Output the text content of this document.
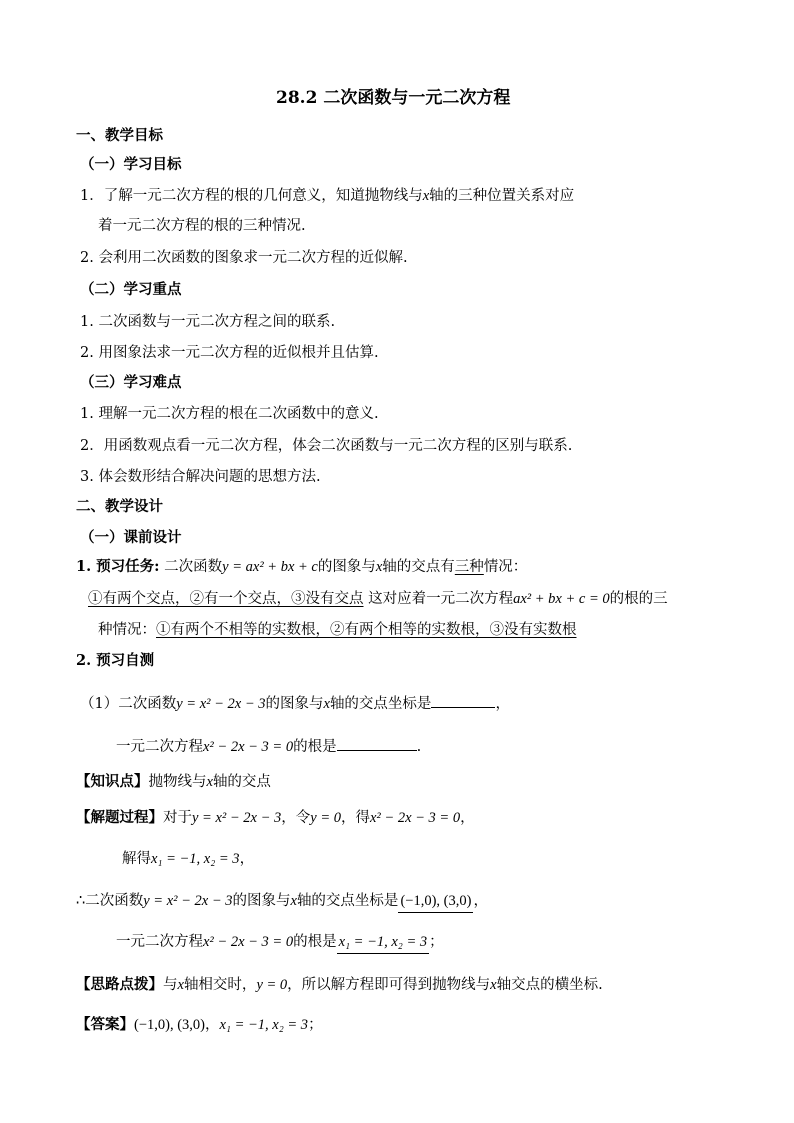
28.2 二次函数与一元二次方程
一、教学目标
（一）学习目标
1．了解一元二次方程的根的几何意义，知道抛物线与x轴的三种位置关系对应
着一元二次方程的根的三种情况.
2. 会利用二次函数的图象求一元二次方程的近似解.
（二）学习重点
1. 二次函数与一元二次方程之间的联系.
2. 用图象法求一元二次方程的近似根并且估算.
（三）学习难点
1. 理解一元二次方程的根在二次函数中的意义.
2．用函数观点看一元二次方程，体会二次函数与一元二次方程的区别与联系.
3. 体会数形结合解决问题的思想方法.
二、教学设计
（一）课前设计
1. 预习任务: 二次函数y = ax² + bx + c的图象与x轴的交点有三种情况：
①有两个交点，②有一个交点，③没有交点 这对应着一元二次方程ax² + bx + c = 0的根的三
种情况：①有两个不相等的实数根，②有两个相等的实数根，③没有实数根
2. 预习自测
（1）二次函数y = x² − 2x − 3的图象与x轴的交点坐标是	，
一元二次方程x² − 2x − 3 = 0的根是	.
【知识点】抛物线与x轴的交点
【解题过程】对于y = x² − 2x − 3，令y = 0，得x² − 2x − 3 = 0，
解得x₁ = −1, x₂ = 3，
∴二次函数y = x² − 2x − 3的图象与x轴的交点坐标是 (−1,0), (3,0) ，
一元二次方程x² − 2x − 3 = 0的根是 x₁ = −1, x₂ = 3 ；
【思路点拨】与x轴相交时，y = 0，所以解方程即可得到抛物线与x轴交点的横坐标.
【答案】(−1,0), (3,0)，x₁ = −1, x₂ = 3；
